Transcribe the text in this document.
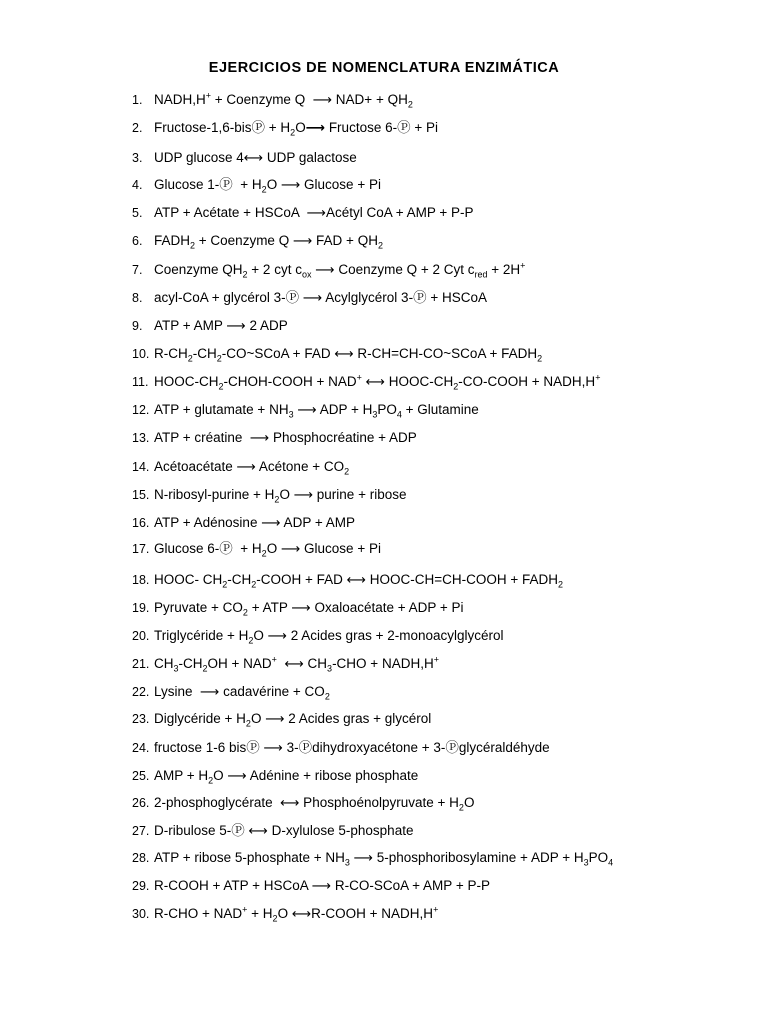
EJERCICIOS DE NOMENCLATURA ENZIMÁTICA
1. NADH,H+ + Coenzyme Q  ⟶ $NAD+ + QH_2$
2. Fructose-1,6-bisⓅ + $H_2O⟶$ Fructose 6-Ⓟ + Pi
3. UDP glucose 4⟷ UDP galactose
4. Glucose 1-Ⓟ  + $H_2O$ ⟶ Glucose + Pi
5. ATP + Acétate + HSCoA  ⟶Acétyl CoA + AMP + P-P
6. $FADH_2$ + Coenzyme Q ⟶ FAD + $QH_2$
7. Coenzyme $QH_2 + 2$ cyt $c_{ox}$ ⟶ Coenzyme Q + 2 Cyt $c_{red} + 2H^+$
8. acyl-CoA + glycérol 3-Ⓟ ⟶ Acylglycérol 3-Ⓟ + HSCoA
9. ATP + AMP ⟶ 2 ADP
10. $R-CH_2-CH_2-CO\sim SCoA$ + FAD ⟷ R-CH=CH-CO~SCoA + $FADH_2$
11. HOOC-$CH_2-CHOH$-COOH + NAD+ ⟷ HOOC-$CH_2-CO$-COOH + NADH,H+
12. ATP + glutamate + $NH_3$ ⟶ ADP + $H_3PO_4$ + Glutamine
13. ATP + créatine  ⟶ Phosphocréatine + ADP
14. Acétoacétate ⟶ Acétone + $CO_2$
15. N-ribosyl-purine + $H_2O$ ⟶ purine + ribose
16. ATP + Adénosine ⟶ ADP + AMP
17. Glucose 6-Ⓟ  + $H_2O$ ⟶ Glucose + Pi
18. HOOC- $CH_2-CH_2$-COOH + FAD ⟷ HOOC-CH=CH-COOH + $FADH_2$
19. Pyruvate + $CO_2$ + ATP ⟶ Oxaloacétate + ADP + Pi
20. Triglycéride + $H_2O$ ⟶ 2 Acides gras + 2-monoacylglycérol
21. $CH_3-CH_2OH + NAD^+$  ⟷ $CH_3$-CHO + NADH,H+
22. Lysine  ⟶ cadavérine + $CO_2$
23. Diglycéride + $H_2O$ ⟶ 2 Acides gras + glycérol
24. fructose 1-6 bisⓅ ⟶ 3-Ⓟdihydroxyacétone + 3-Ⓟglycéraldéhyde
25. AMP + $H_2O$ ⟶ Adénine + ribose phosphate
26. 2-phosphoglycérate  ⟷ Phosphoénolpyruvate + $H_2O$
27. D-ribulose 5-Ⓟ ⟷ D-xylulose 5-phosphate
28. ATP + ribose 5-phosphate + $NH_3$ ⟶ 5-phosphoribosylamine + ADP + $H_3PO_4$
29. R-COOH + ATP + HSCoA ⟶ R-CO-SCoA + AMP + P-P
30. $R-CHO + NAD^+ + H_2O$ ⟷R-COOH + NADH,H+
